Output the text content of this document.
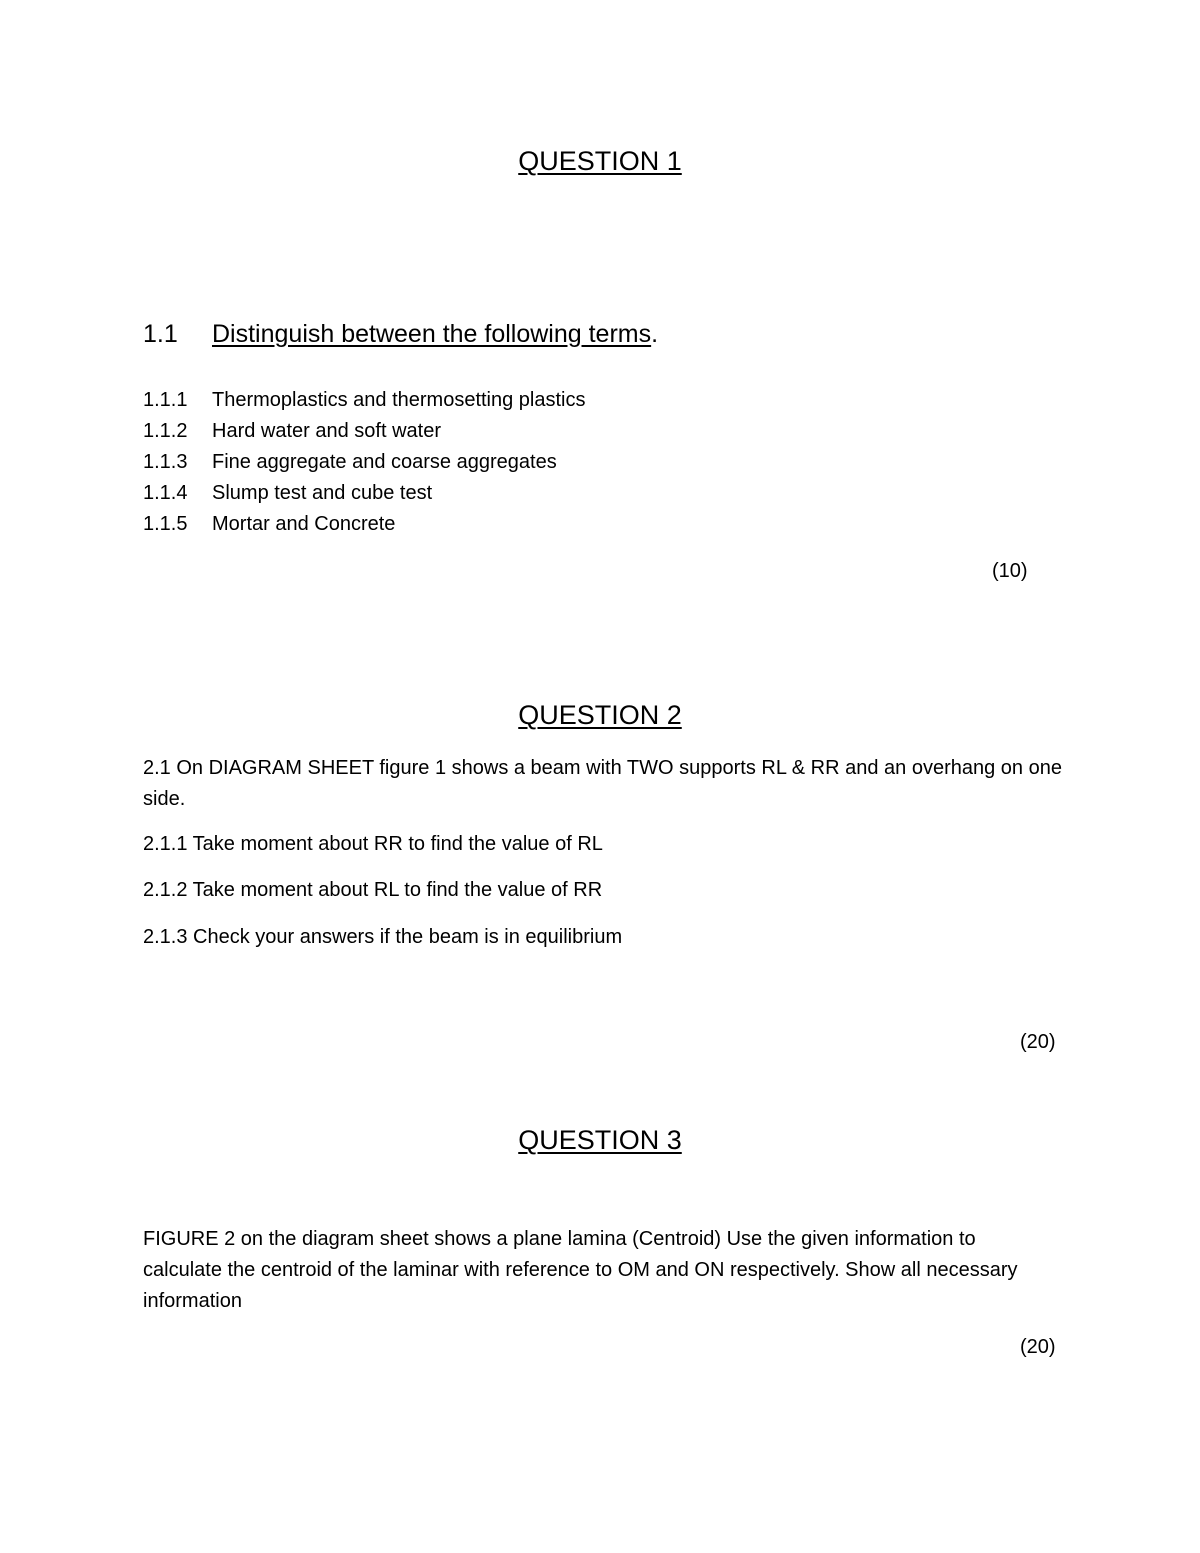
QUESTION 1
1.1 Distinguish between the following terms.
1.1.1 Thermoplastics and thermosetting plastics
1.1.2 Hard water and soft water
1.1.3 Fine aggregate and coarse aggregates
1.1.4 Slump test and cube test
1.1.5 Mortar and Concrete
(10)
QUESTION 2
2.1 On DIAGRAM SHEET figure 1 shows a beam with TWO supports RL & RR and an overhang on one side.
2.1.1 Take moment about RR to find the value of RL
2.1.2 Take moment about RL to find the value of RR
2.1.3 Check your answers if the beam is in equilibrium
(20)
QUESTION 3
FIGURE 2 on the diagram sheet shows a plane lamina (Centroid) Use the given information to calculate the centroid of the laminar with reference to OM and ON respectively. Show all necessary information
(20)
